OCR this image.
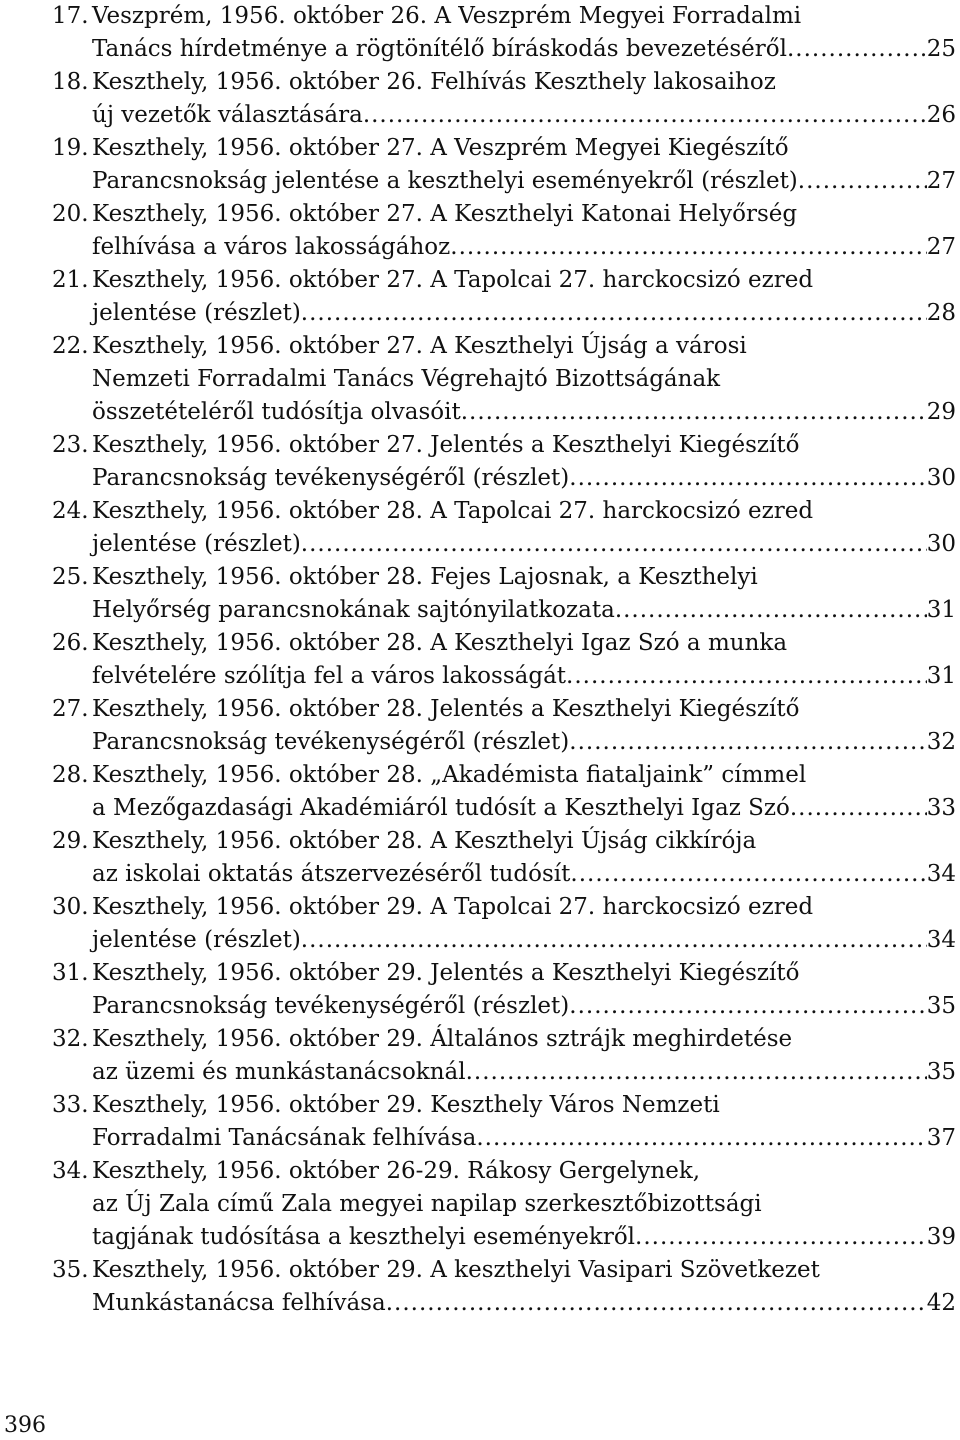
17. Veszprém, 1956. október 26. A Veszprém Megyei Forradalmi
Tanács hírdetménye a rögtönítélő bíráskodás bevezetéséről .....	25
18. Keszthely, 1956. október 26. Felhívás Keszthely lakosaihoz
új vezetők választására .....	26
19. Keszthely, 1956. október 27. A Veszprém Megyei Kiegészítő
Parancsnokság jelentése a keszthelyi eseményekről (részlet) .....	27
20. Keszthely, 1956. október 27. A Keszthelyi Katonai Helyőrség
felhívása a város lakosságához .....	27
21. Keszthely, 1956. október 27. A Tapolcai 27. harckocsizó ezred
jelentése (részlet) .....	28
22. Keszthely, 1956. október 27. A Keszthelyi Újság a városi
Nemzeti Forradalmi Tanács Végrehajtó Bizottságának
összetételéről tudósítja olvasóit .....	29
23. Keszthely, 1956. október 27. Jelentés a Keszthelyi Kiegészítő
Parancsnokság tevékenységéről (részlet) .....	30
24. Keszthely, 1956. október 28. A Tapolcai 27. harckocsizó ezred
jelentése (részlet) .....	30
25. Keszthely, 1956. október 28. Fejes Lajosnak, a Keszthelyi
Helyőrség parancsnokának sajtónyilatkozata .....	31
26. Keszthely, 1956. október 28. A Keszthelyi Igaz Szó a munka
felvételére szólítja fel a város lakosságát .....	31
27. Keszthely, 1956. október 28. Jelentés a Keszthelyi Kiegészítő
Parancsnokság tevékenységéről (részlet) .....	32
28. Keszthely, 1956. október 28. „Akadémista fiataljaink” címmel
a Mezőgazdasági Akadémiáról tudósít a Keszthelyi Igaz Szó .....	33
29. Keszthely, 1956. október 28. A Keszthelyi Újság cikkírója
az iskolai oktatás átszervezéséről tudósít .....	34
30. Keszthely, 1956. október 29. A Tapolcai 27. harckocsizó ezred
jelentése (részlet) .....	34
31. Keszthely, 1956. október 29. Jelentés a Keszthelyi Kiegészítő
Parancsnokság tevékenységéről (részlet) .....	35
32. Keszthely, 1956. október 29. Általános sztrájk meghirdetése
az üzemi és munkástanácsoknál .....	35
33. Keszthely, 1956. október 29. Keszthely Város Nemzeti
Forradalmi Tanácsának felhívása .....	37
34. Keszthely, 1956. október 26-29. Rákosy Gergelynek,
az Új Zala című Zala megyei napilap szerkesztőbizottsági
tagjának tudósítása a keszthelyi eseményekről .....	39
35. Keszthely, 1956. október 29. A keszthelyi Vasipari Szövetkezet
Munkástanácsa felhívása .....	42
396
